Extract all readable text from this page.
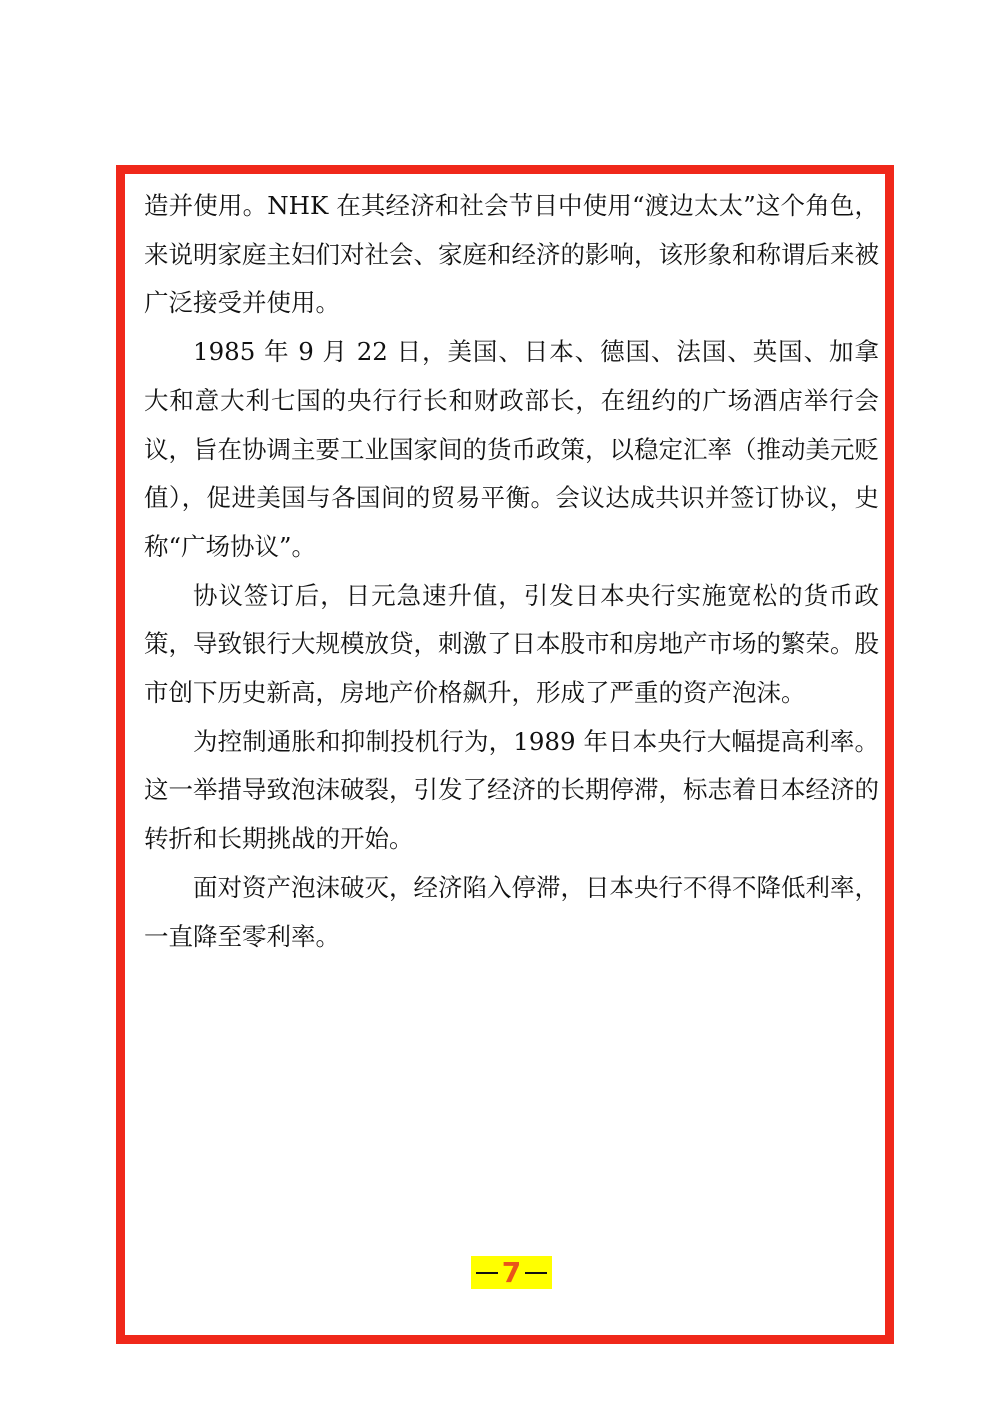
造并使用。NHK 在其经济和社会节目中使用“渡边太太”这个角色，来说明家庭主妇们对社会、家庭和经济的影响，该形象和称谓后来被广泛接受并使用。

1985 年 9 月 22 日，美国、日本、德国、法国、英国、加拿大和意大利七国的央行行长和财政部长，在纽约的广场酒店举行会议，旨在协调主要工业国家间的货币政策，以稳定汇率（推动美元贬值），促进美国与各国间的贸易平衡。会议达成共识并签订协议，史称“广场协议”。

协议签订后，日元急速升值，引发日本央行实施宽松的货币政策，导致银行大规模放贷，刺激了日本股市和房地产市场的繁荣。股市创下历史新高，房地产价格飙升，形成了严重的资产泡沫。

为控制通胀和抑制投机行为，1989 年日本央行大幅提高利率。这一举措导致泡沫破裂，引发了经济的长期停滞，标志着日本经济的转折和长期挑战的开始。

面对资产泡沫破灭，经济陷入停滞，日本央行不得不降低利率，一直降至零利率。

7
